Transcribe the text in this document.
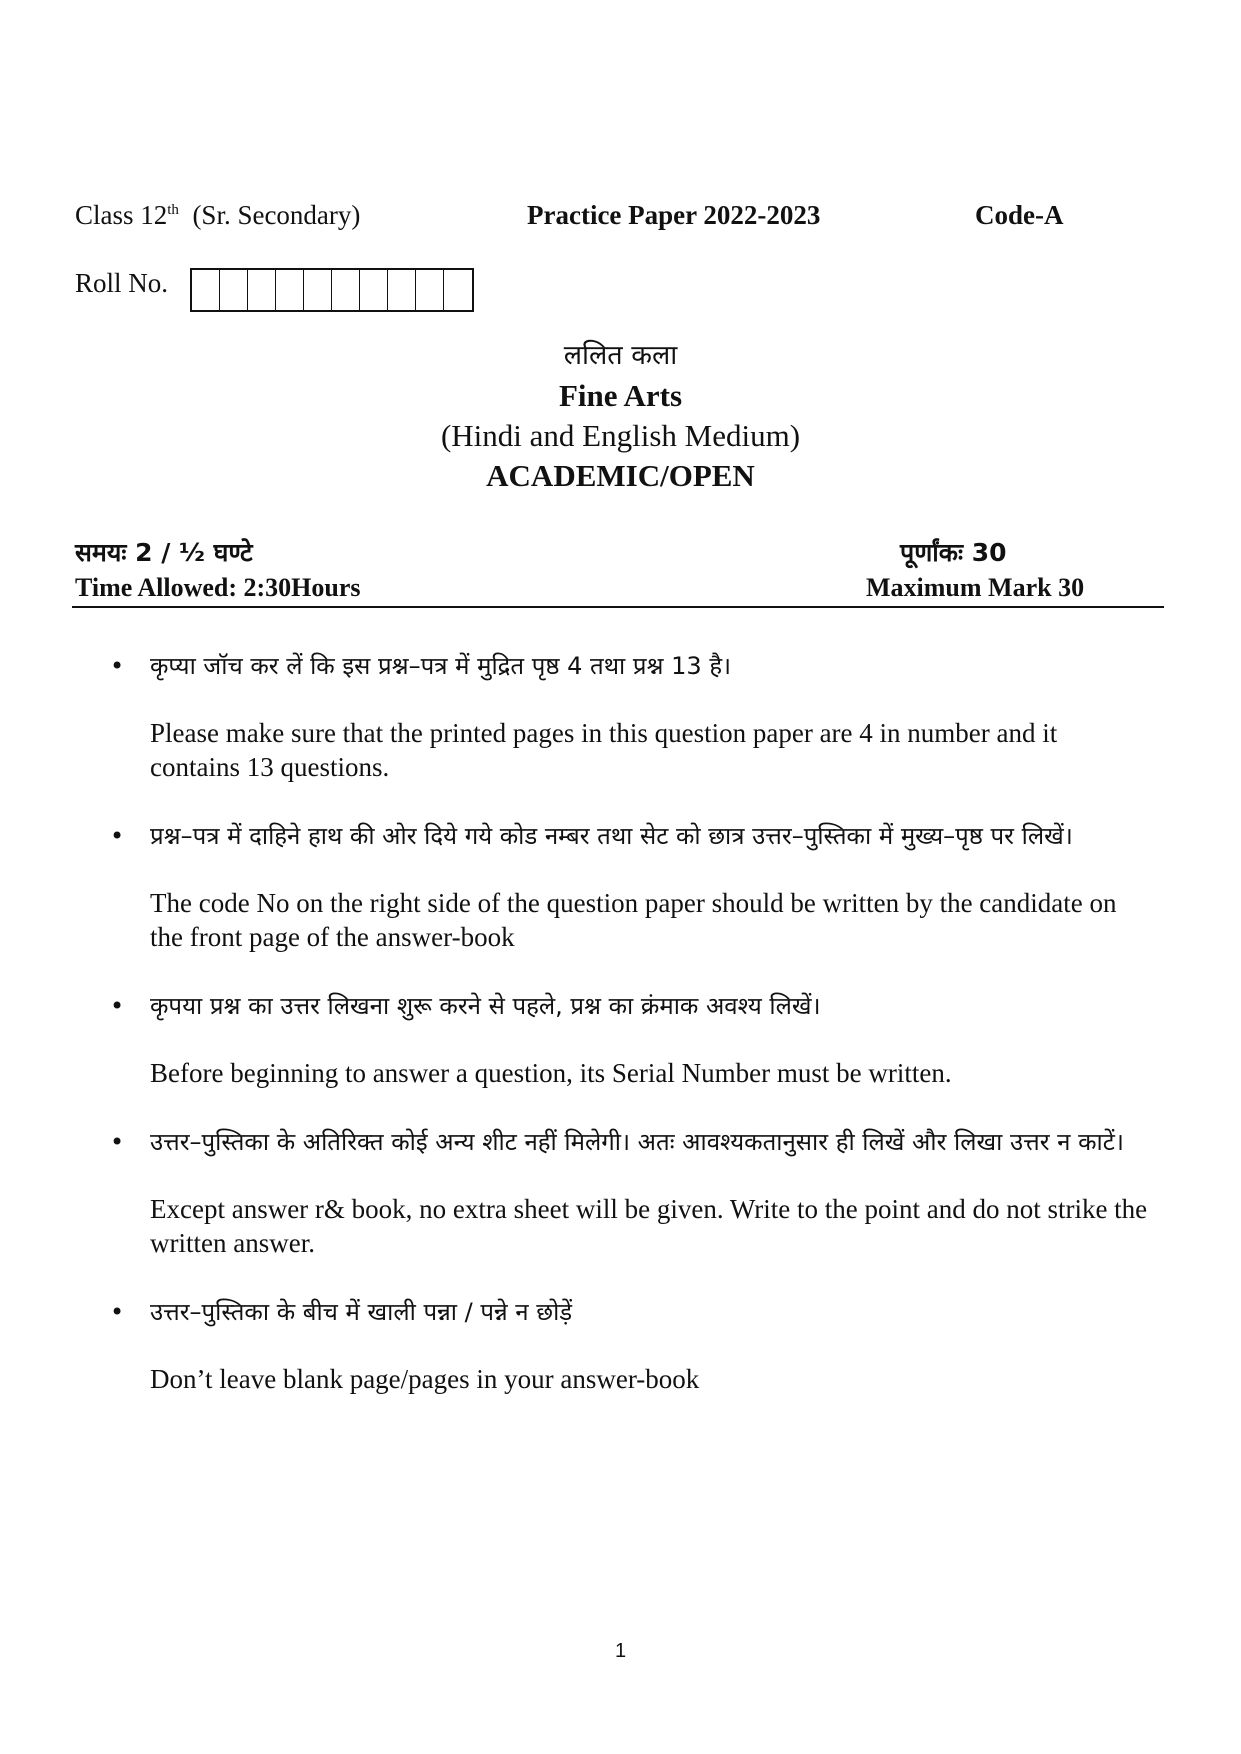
Class 12th (Sr. Secondary)	Practice Paper 2022-2023	Code-A
Roll No.
ललित कला
Fine Arts
(Hindi and English Medium)
ACADEMIC/OPEN
समयः 2 / ½ घण्टे	पूर्णांकः 30
Time Allowed: 2:30Hours	Maximum Mark 30
• कृप्या जॉच कर लें कि इस प्रश्न–पत्र में मुद्रित पृष्ठ 4 तथा प्रश्न 13 है।
Please make sure that the printed pages in this question paper are 4 in number and it contains 13 questions.
• प्रश्न–पत्र में दाहिने हाथ की ओर दिये गये कोड नम्बर तथा सेट को छात्र उत्तर–पुस्तिका में मुख्य–पृष्ठ पर लिखें।
The code No on the right side of the question paper should be written by the candidate on the front page of the answer-book
• कृपया प्रश्न का उत्तर लिखना शुरू करने से पहले, प्रश्न का क्रंमाक अवश्य लिखें।
Before beginning to answer a question, its Serial Number must be written.
• उत्तर–पुस्तिका के अतिरिक्त कोई अन्य शीट नहीं मिलेगी। अतः आवश्यकतानुसार ही लिखें और लिखा उत्तर न काटें।
Except answer r& book, no extra sheet will be given. Write to the point and do not strike the written answer.
• उत्तर–पुस्तिका के बीच में खाली पन्ना / पन्ने न छोड़ें
Don’t leave blank page/pages in your answer-book
1
